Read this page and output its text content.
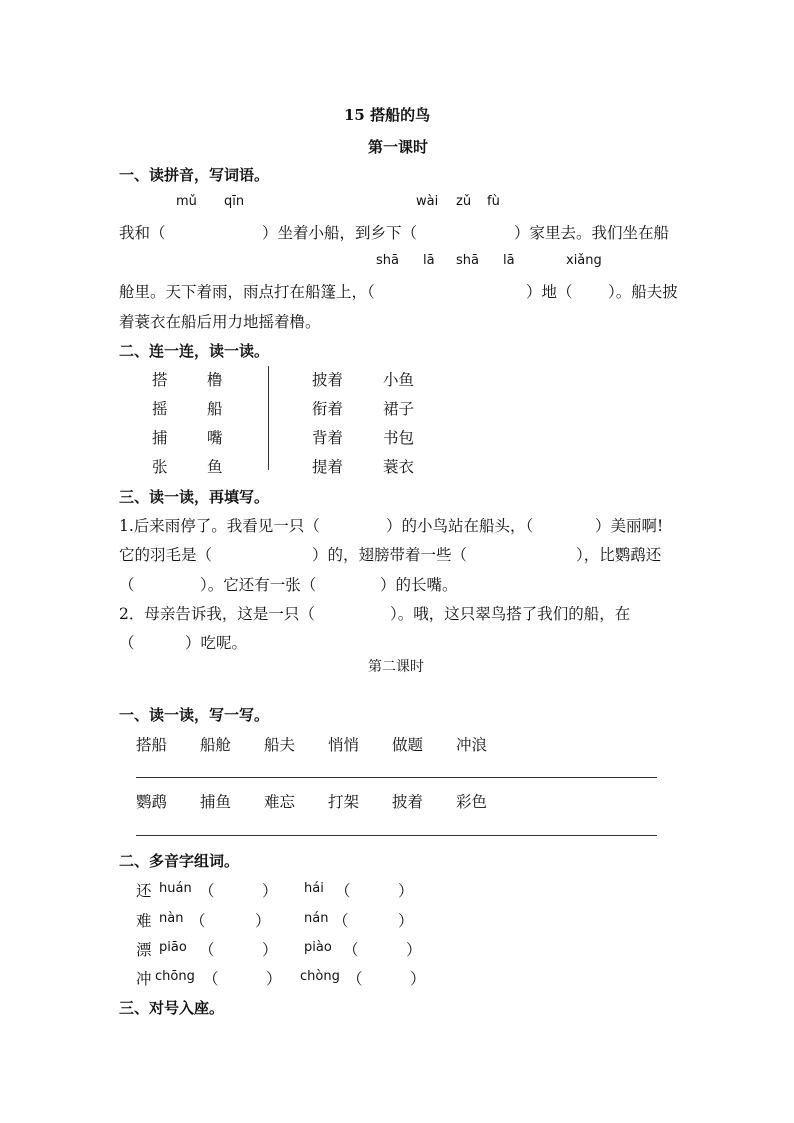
15 搭船的鸟
第一课时
一、读拼音，写词语。
mǔ qīn	wài zǔ fù
我和（	）坐着小船，到乡下（	）家里去。我们坐在船
shā lā shā lā	xiǎng
舱里。天下着雨，雨点打在船篷上，（	）地（ ）。船夫披
着蓑衣在船后用力地摇着橹。
二、连一连，读一读。
搭	橹
摇	船
捕	嘴
张	鱼
披着	小鱼
衔着	裙子
背着	书包
提着	蓑衣
三、读一读，再填写。
1.后来雨停了。我看见一只（	）的小鸟站在船头，（	）美丽啊!
它的羽毛是（	）的，翅膀带着一些（	），比鹦鹉还
（	）。它还有一张（	）的长嘴。
2．母亲告诉我，这是一只（	）。哦，这只翠鸟搭了我们的船，在
（	）吃呢。
第二课时
一、读一读，写一写。
搭船 船舱 船夫 悄悄 做题 冲浪
鹦鹉 捕鱼 难忘 打架 披着 彩色
二、多音字组词。
还 huán （	） hái （	）
难 nàn （	）	nán （	）
漂 piāo （	） piào （	）
冲 chōng （	） chòng （	）
三、对号入座。
